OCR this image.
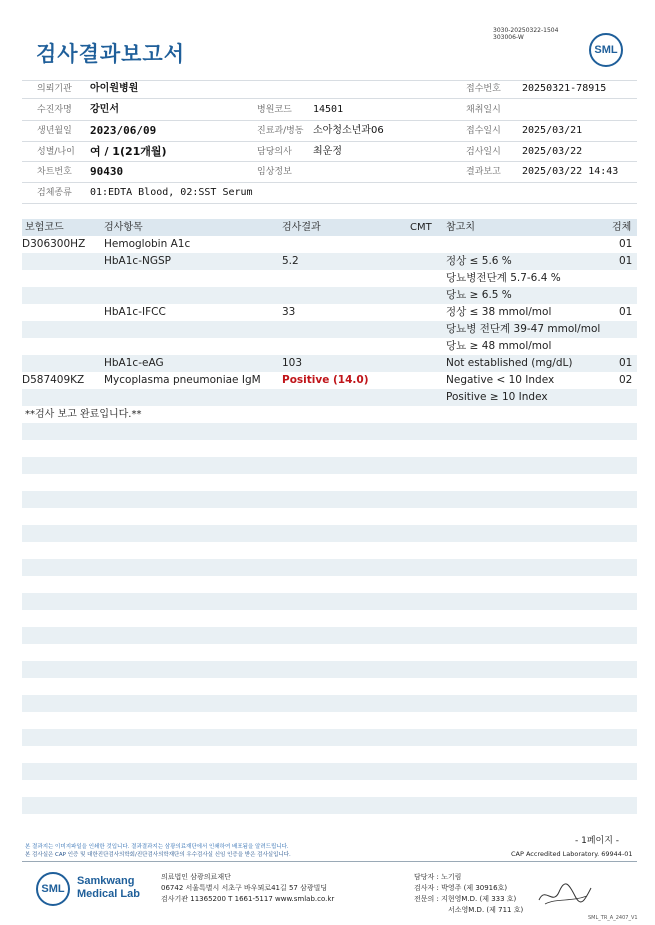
검사결과보고서
3030-20250322-1504
303006-W
SML
의뢰기관 아이원병원	접수번호 20250321-78915
수진자명 강민서	병원코드 14501	채취일시
생년월일 2023/06/09	진료과/병동 소아청소년과06	접수일시 2025/03/21
성별/나이 여 / 1(21개월)	담당의사 최운정	검사일시 2025/03/22
차트번호 90430	임상정보	결과보고 2025/03/22 14:43
검체종류 01:EDTA Blood, 02:SST Serum
보험코드	검사항목	검사결과	CMT 참고치	검체
D306300HZ Hemoglobin A1c	01
HbA1c-NGSP	5.2	정상 ≤ 5.6 %	01
당뇨병전단계 5.7-6.4 %
당뇨 ≥ 6.5 %
HbA1c-IFCC	33	정상 ≤ 38 mmol/mol	01
당뇨병 전단계 39-47 mmol/mol
당뇨 ≥ 48 mmol/mol
HbA1c-eAG	103	Not established (mg/dL)	01
D587409KZ Mycoplasma pneumoniae IgM Positive (14.0)	Negative < 10 Index	02
Positive ≥ 10 Index
**검사 보고 완료입니다.**
본 결과지는 이미지파일을 인쇄한 것입니다. 결과결과지는 삼광의료재단에서 인쇄하여 배포됨을 알려드립니다.
본 검사실은 CAP 인증 및 대한진단검사의학회/진단검사의학재단의 우수검사실 신임 인증을 받은 검사실입니다.
- 1페이지 -
CAP Accredited Laboratory. 69944-01
SML
Samkwang
Medical Lab
의료법인 삼광의료재단
06742 서울특별시 서초구 바우뫼로41길 57 삼광빌딩
검사기관 11365200 T 1661-5117 www.smlab.co.kr
담당자 : 노기림
검사자 : 박영주 (제 30916호)
전문의 : 지현영M.D. (제 333 호)
서소영M.D. (제 711 호)
SML_TR_A_2407_V1
